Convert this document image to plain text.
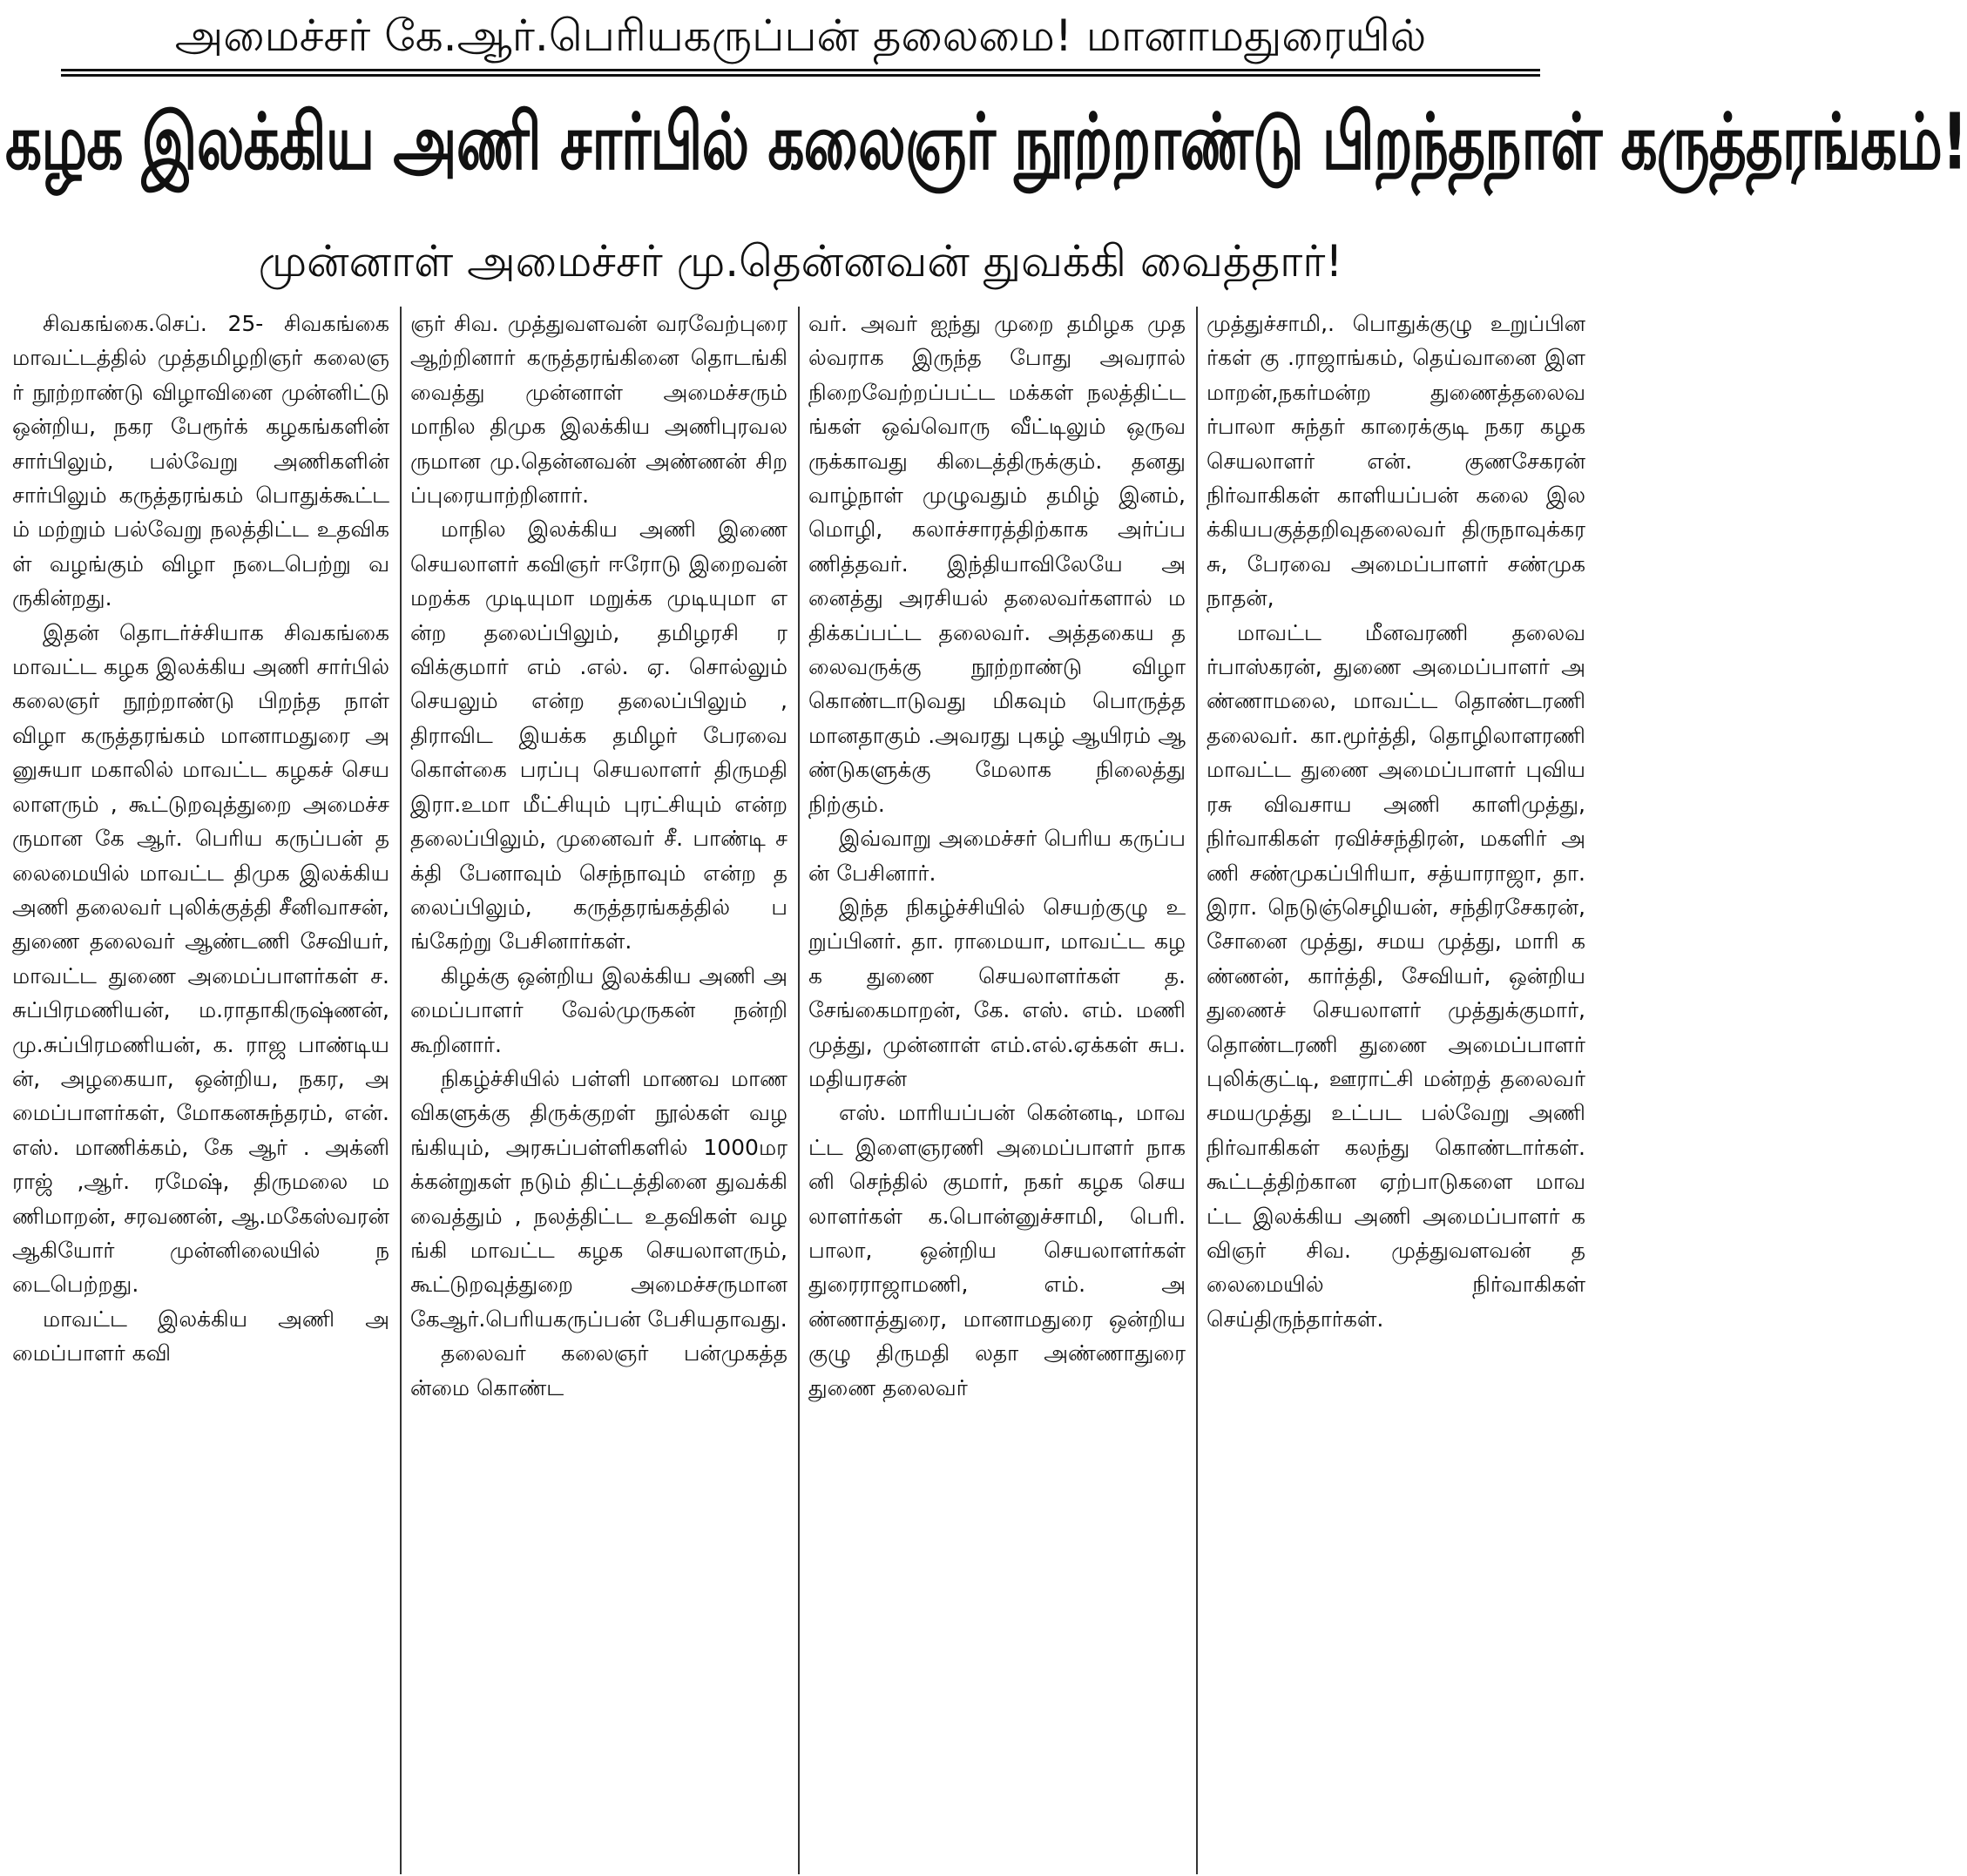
அமைச்சர் கே.ஆர்.பெரியகருப்பன் தலைமை! மானாமதுரையில்
கழக இலக்கிய அணி சார்பில் கலைஞர் நூற்றாண்டு பிறந்தநாள் கருத்தரங்கம்!
முன்னாள் அமைச்சர் மு.தென்னவன் துவக்கி வைத்தார்!

சிவகங்கை.செப். 25- சிவகங்கை மாவட்டத்தில் முத்தமிழறிஞர் கலைஞர் நூற்றாண்டு விழாவினை முன்னிட்டு ஒன்றிய, நகர பேரூர்க் கழகங்களின் சார்பிலும், பல்வேறு அணிகளின் சார்பிலும் கருத்தரங்கம் பொதுக்கூட்டம் மற்றும் பல்வேறு நலத்திட்ட உதவிகள் வழங்கும் விழா நடைபெற்று வருகின்றது.

இதன் தொடர்ச்சியாக சிவகங்கை மாவட்ட கழக இலக்கிய அணி சார்பில் கலைஞர் நூற்றாண்டு பிறந்த நாள் விழா கருத்தரங்கம் மானாமதுரை அனுசுயா மகாலில் மாவட்ட கழகச் செயலாளரும் , கூட்டுறவுத்துறை அமைச்சருமான கே ஆர். பெரிய கருப்பன் தலைமையில் மாவட்ட திமுக இலக்கிய அணி தலைவர் புலிக்குத்தி சீனிவாசன், துணை தலைவர் ஆண்டணி சேவியர்,மாவட்ட துணை அமைப்பாளர்கள் ச.சுப்பிரமணியன், ம.ராதாகிருஷ்ணன், மு.சுப்பிரமணியன், க. ராஜ பாண்டியன், அழகையா, ஒன்றிய, நகர, அமைப்பாளர்கள், மோகனசுந்தரம், என். எஸ். மாணிக்கம், கே ஆர் . அக்னி ராஜ் ,ஆர். ரமேஷ், திருமலை மணிமாறன், சரவணன், ஆ.மகேஸ்வரன் ஆகியோர் முன்னிலையில் நடைபெற்றது.

மாவட்ட இலக்கிய அணி அமைப்பாளர் கவி

ஞர் சிவ. முத்துவளவன் வரவேற்புரை ஆற்றினார் கருத்தரங்கினை தொடங்கி வைத்து முன்னாள் அமைச்சரும் மாநில திமுக இலக்கிய அணிபுரவலருமான மு.தென்னவன் அண்ணன் சிறப்புரையாற்றினார்.

மாநில இலக்கிய அணி இணை செயலாளர் கவிஞர் ஈரோடு இறைவன் மறக்க முடியுமா மறுக்க முடியுமா என்ற தலைப்பிலும், தமிழரசி ரவிக்குமார் எம் .எல். ஏ. சொல்லும் செயலும் என்ற தலைப்பிலும் ,திராவிட இயக்க தமிழர் பேரவை கொள்கை பரப்பு செயலாளர் திருமதி இரா.உமா மீட்சியும் புரட்சியும் என்ற தலைப்பிலும், முனைவர் சீ. பாண்டி சக்தி பேனாவும் செந்நாவும் என்ற தலைப்பிலும், கருத்தரங்கத்தில் பங்கேற்று பேசினார்கள்.

கிழக்கு ஒன்றிய இலக்கிய அணி அமைப்பாளர் வேல்முருகன் நன்றி கூறினார்.

நிகழ்ச்சியில் பள்ளி மாணவ மாணவிகளுக்கு திருக்குறள் நூல்கள் வழங்கியும், அரசுப்பள்ளிகளில் 1000மரக்கன்றுகள் நடும் திட்டத்தினை துவக்கி வைத்தும் , நலத்திட்ட உதவிகள் வழங்கி மாவட்ட கழக செயலாளரும், கூட்டுறவுத்துறை அமைச்சருமான கேஆர்.பெரியகருப்பன் பேசியதாவது.

தலைவர் கலைஞர் பன்முகத்தன்மை கொண்ட

வர். அவர் ஐந்து முறை தமிழக முதல்வராக இருந்த போது அவரால் நிறைவேற்றப்பட்ட மக்கள் நலத்திட்டங்கள் ஒவ்வொரு வீட்டிலும் ஒருவருக்காவது கிடைத்திருக்கும். தனது வாழ்நாள் முழுவதும் தமிழ் இனம், மொழி, கலாச்சாரத்திற்காக அர்ப்பணித்தவர். இந்தியாவிலேயே அனைத்து அரசியல் தலைவர்களால் மதிக்கப்பட்ட தலைவர். அத்தகைய தலைவருக்கு நூற்றாண்டு விழா கொண்டாடுவது மிகவும் பொருத்தமானதாகும் .அவரது புகழ் ஆயிரம் ஆண்டுகளுக்கு மேலாக நிலைத்து நிற்கும்.

இவ்வாறு அமைச்சர் பெரிய கருப்பன் பேசினார்.

இந்த நிகழ்ச்சியில் செயற்குழு உறுப்பினர். தா. ராமையா, மாவட்ட கழக துணை செயலாளர்கள் த.சேங்கைமாறன், கே. எஸ். எம். மணி முத்து, முன்னாள் எம்.எல்.ஏக்கள் சுப.மதியரசன்

எஸ். மாரியப்பன் கென்னடி, மாவட்ட இளைஞரணி அமைப்பாளர் நாகனி செந்தில் குமார், நகர் கழக செயலாளர்கள் க.பொன்னுச்சாமி, பெரி. பாலா, ஒன்றிய செயலாளர்கள் துரைராஜாமணி, எம். அண்ணாத்துரை, மானாமதுரை ஒன்றிய குழு திருமதி லதா அண்ணாதுரை துணை தலைவர்

முத்துச்சாமி,. பொதுக்குழு உறுப்பினர்கள் கு .ராஜாங்கம், தெய்வானை இளமாறன்,நகர்மன்ற துணைத்தலைவர்பாலா சுந்தர் காரைக்குடி நகர கழக செயலாளர் என். குணசேகரன் நிர்வாகிகள் காளியப்பன் கலை இலக்கியபகுத்தறிவுதலைவர் திருநாவுக்கரசு, பேரவை அமைப்பாளர் சண்முகநாதன்,

மாவட்ட மீனவரணி தலைவர்பாஸ்கரன், துணை அமைப்பாளர் அண்ணாமலை, மாவட்ட தொண்டரணி தலைவர். கா.மூர்த்தி, தொழிலாளரணி மாவட்ட துணை அமைப்பாளர் புவியரசு விவசாய அணி காளிமுத்து, நிர்வாகிகள் ரவிச்சந்திரன், மகளிர் அணி சண்முகப்பிரியா, சத்யாராஜா, தா. இரா. நெடுஞ்செழியன், சந்திரசேகரன், சோனை முத்து, சமய முத்து, மாரி கண்ணன், கார்த்தி, சேவியர், ஒன்றிய துணைச் செயலாளர் முத்துக்குமார், தொண்டரணி துணை அமைப்பாளர் புலிக்குட்டி, ஊராட்சி மன்றத் தலைவர் சமயமுத்து உட்பட பல்வேறு அணி நிர்வாகிகள் கலந்து கொண்டார்கள். கூட்டத்திற்கான ஏற்பாடுகளை மாவட்ட இலக்கிய அணி அமைப்பாளர் கவிஞர் சிவ. முத்துவளவன் தலைமையில் நிர்வாகிகள் செய்திருந்தார்கள்.
